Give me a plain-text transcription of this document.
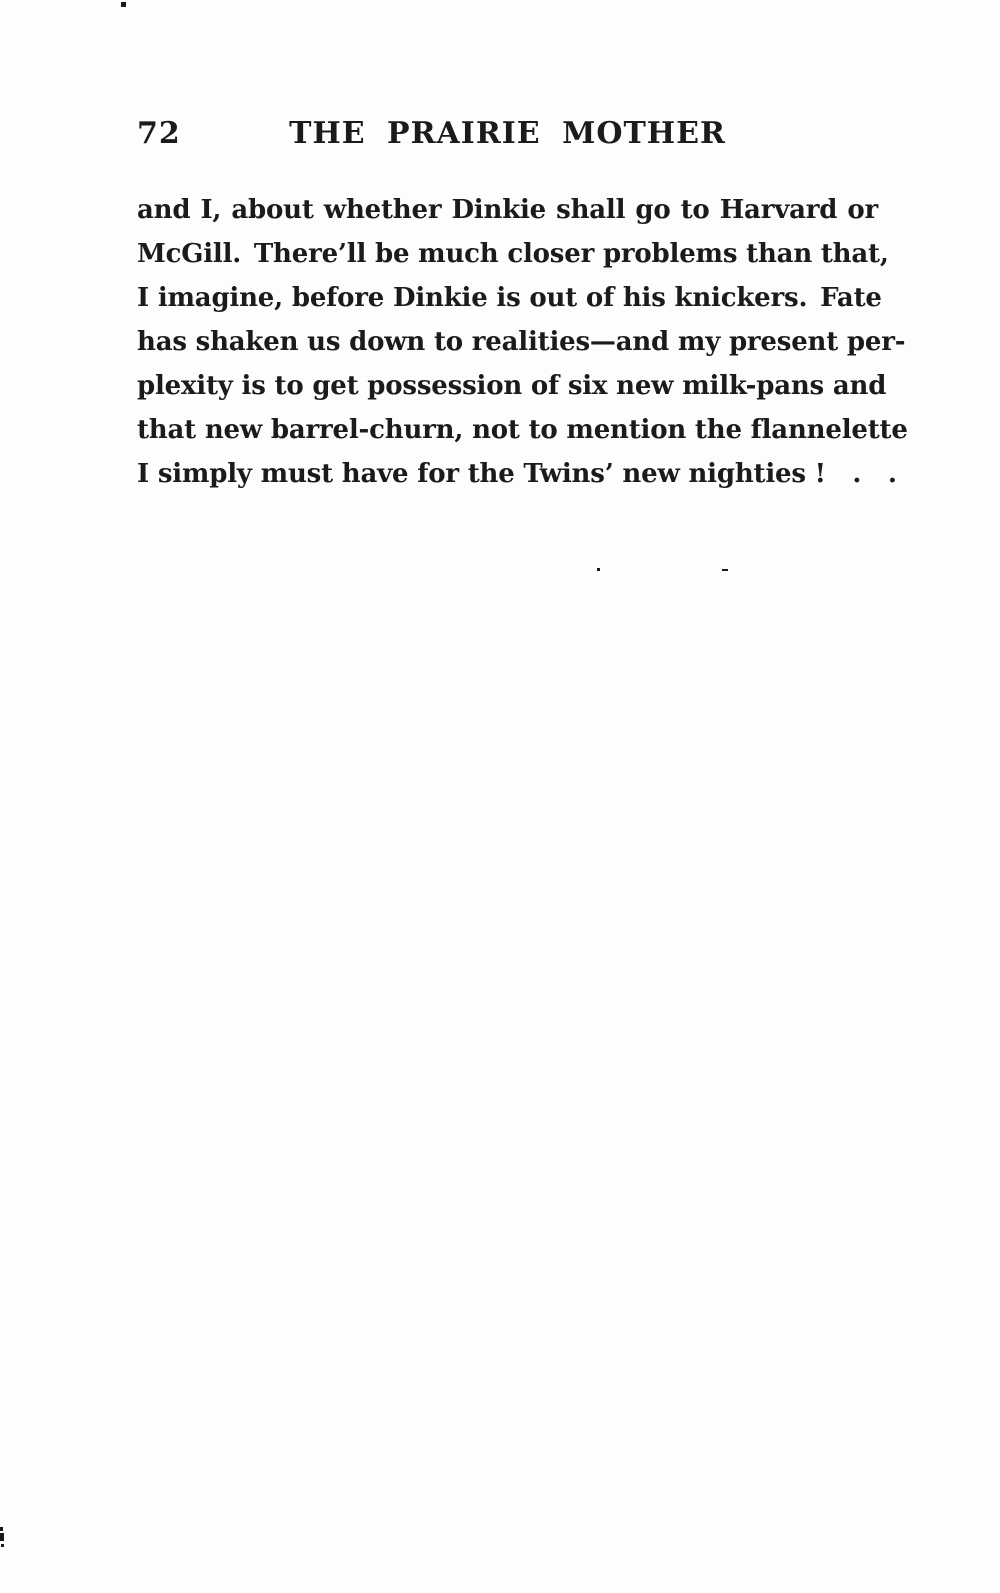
72	THE PRAIRIE MOTHER
and I, about whether Dinkie shall go to Harvard or
McGill. There’ll be much closer problems than that,
I imagine, before Dinkie is out of his knickers. Fate
has shaken us down to realities—and my present per-
plexity is to get possession of six new milk-pans and
that new barrel-churn, not to mention the flannelette
I simply must have for the Twins’ new nighties !   .   .
